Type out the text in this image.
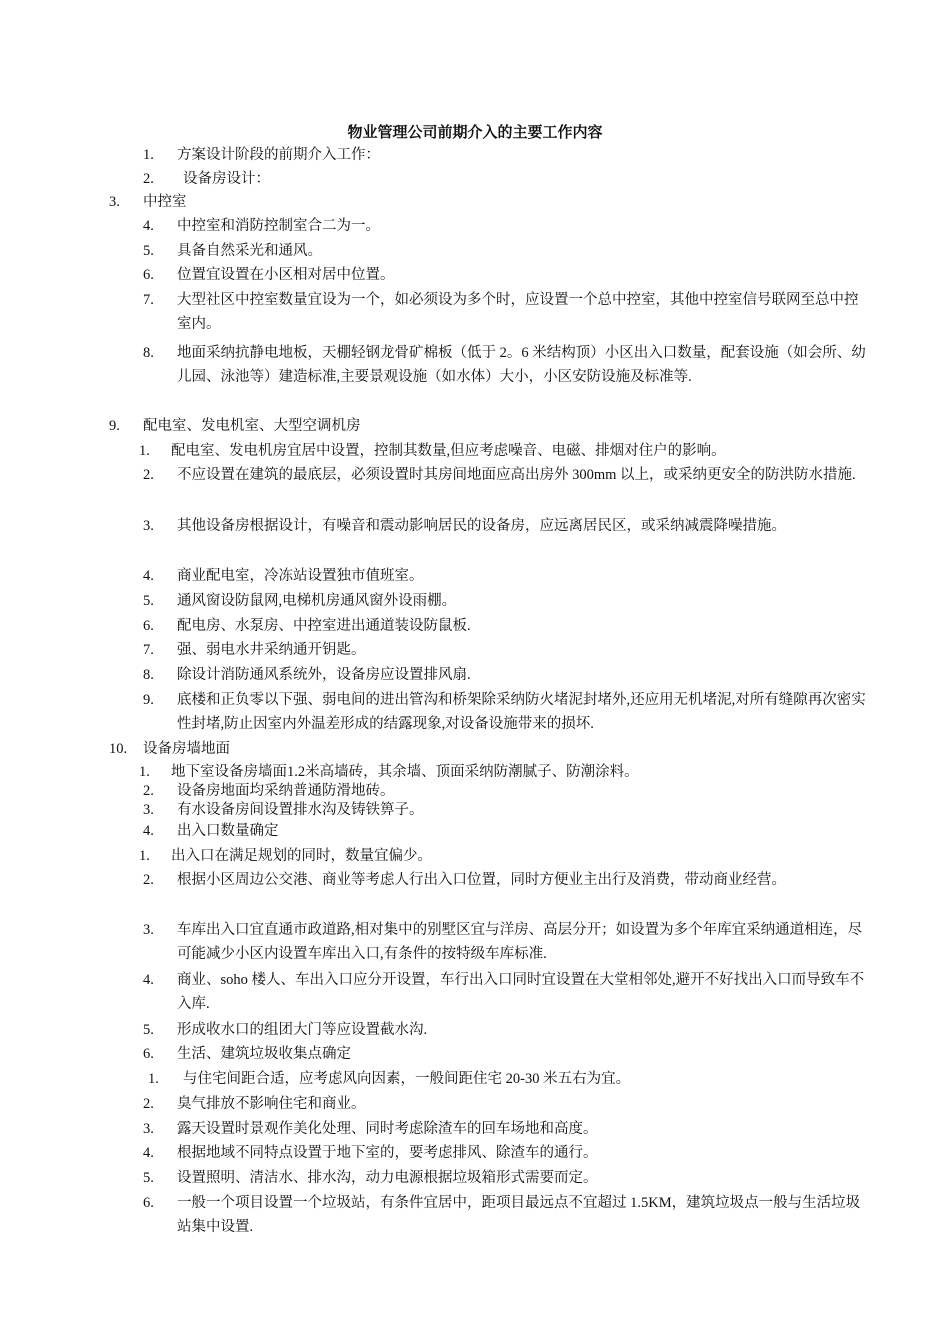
物业管理公司前期介入的主要工作内容
1. 方案设计阶段的前期介入工作：
2. 设备房设计：
3. 中控室
4. 中控室和消防控制室合二为一。
5. 具备自然采光和通风。
6. 位置宜设置在小区相对居中位置。
7. 大型社区中控室数量宜设为一个，如必须设为多个时，应设置一个总中控室，其他中控室信号联网至总中控室内。
8. 地面采纳抗静电地板，天棚轻钢龙骨矿棉板（低于 2。6 米结构顶）小区出入口数量，配套设施（如会所、幼儿园、泳池等）建造标准,主要景观设施（如水体）大小，小区安防设施及标准等.
9. 配电室、发电机室、大型空调机房
1. 配电室、发电机房宜居中设置，控制其数量,但应考虑噪音、电磁、排烟对住户的影响。
2. 不应设置在建筑的最底层，必须设置时其房间地面应高出房外 300mm 以上，或采纳更安全的防洪防水措施.
3. 其他设备房根据设计，有噪音和震动影响居民的设备房，应远离居民区，或采纳减震降噪措施。
4. 商业配电室，冷冻站设置独市值班室。
5. 通风窗设防鼠网,电梯机房通风窗外设雨棚。
6. 配电房、水泵房、中控室进出通道装设防鼠板.
7. 强、弱电水井采纳通开钥匙。
8. 除设计消防通风系统外，设备房应设置排风扇.
9. 底楼和正负零以下强、弱电间的进出管沟和桥架除采纳防火堵泥封堵外,还应用无机堵泥,对所有缝隙再次密实性封堵,防止因室内外温差形成的结露现象,对设备设施带来的损坏.
10. 设备房墙地面
1. 地下室设备房墙面1.2米高墙砖，其余墙、顶面采纳防潮腻子、防潮涂料。
2. 设备房地面均采纳普通防滑地砖。
3. 有水设备房间设置排水沟及铸铁箅子。
4. 出入口数量确定
1. 出入口在满足规划的同时，数量宜偏少。
2. 根据小区周边公交港、商业等考虑人行出入口位置，同时方便业主出行及消费，带动商业经营。
3. 车库出入口宜直通市政道路,相对集中的别墅区宜与洋房、高层分开；如设置为多个年库宜采纳通道相连，尽可能减少小区内设置车库出入口,有条件的按特级车库标准.
4. 商业、soho 楼人、车出入口应分开设置，车行出入口同时宜设置在大堂相邻处,避开不好找出入口而导致车不入库.
5. 形成收水口的组团大门等应设置截水沟.
6. 生活、建筑垃圾收集点确定
1. 与住宅间距合适，应考虑风向因素，一般间距住宅 20-30 米五右为宜。
2. 臭气排放不影响住宅和商业。
3. 露天设置时景观作美化处理、同时考虑除渣车的回车场地和高度。
4. 根据地域不同特点设置于地下室的，要考虑排风、除渣车的通行。
5. 设置照明、清洁水、排水沟，动力电源根据垃圾箱形式需要而定。
6. 一般一个项目设置一个垃圾站，有条件宜居中，距项目最远点不宜超过 1.5KM，建筑垃圾点一般与生活垃圾站集中设置.
